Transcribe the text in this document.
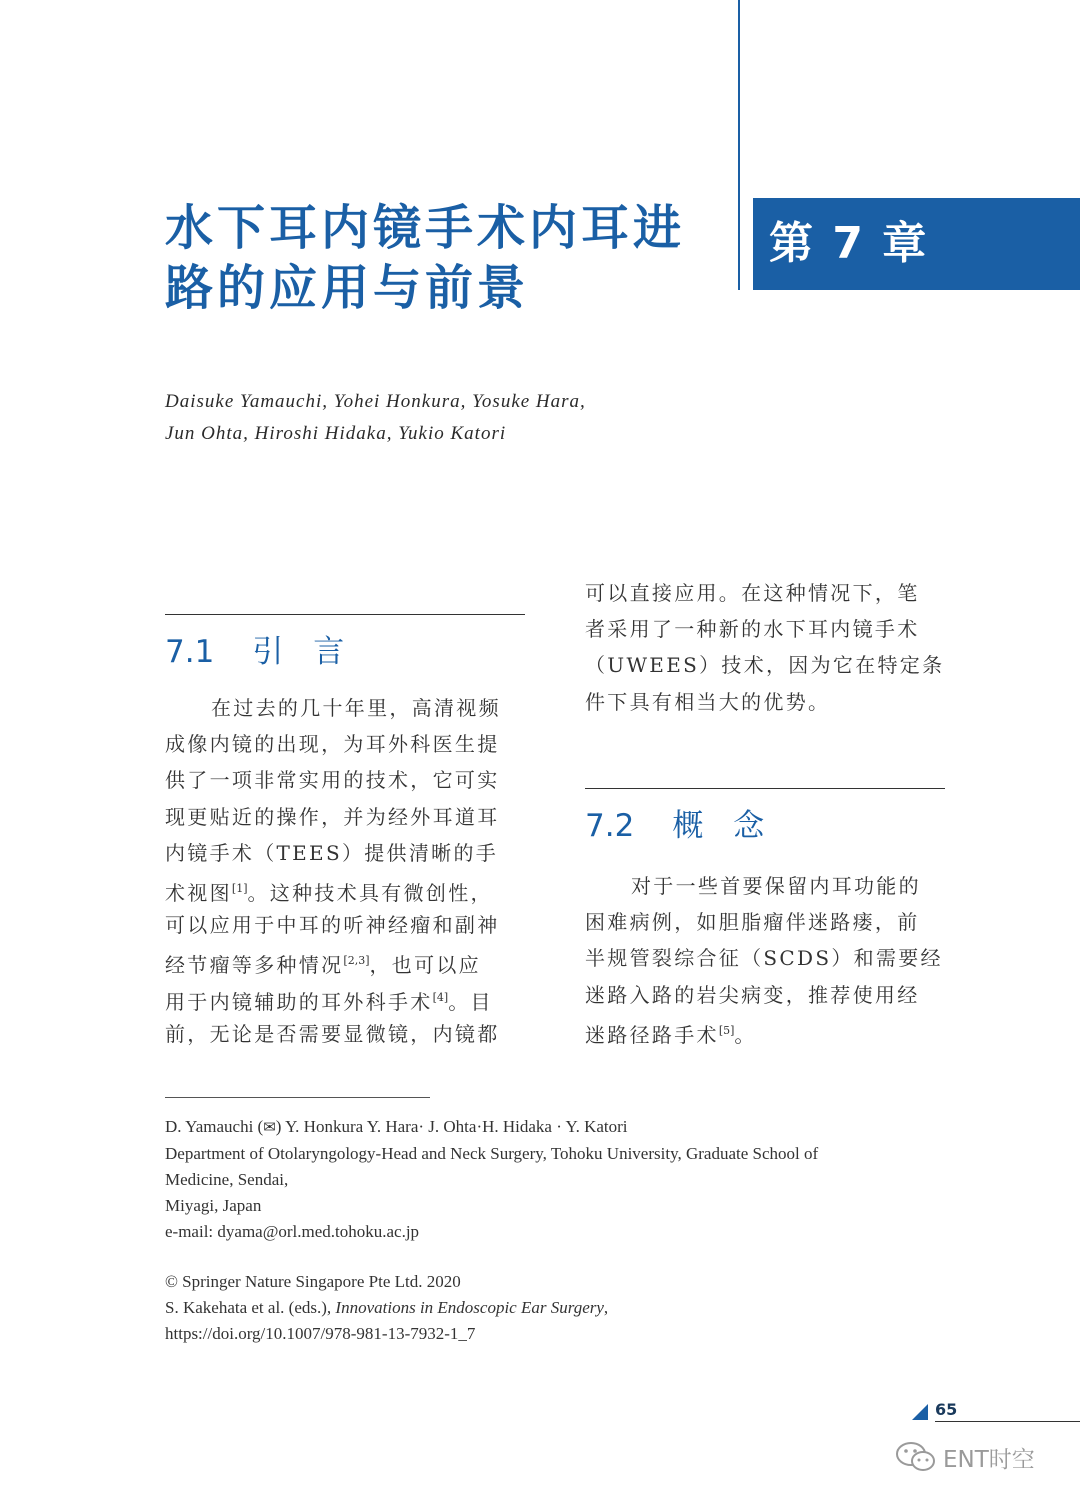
水下耳内镜手术内耳进
路的应用与前景
第 7 章
Daisuke Yamauchi, Yohei Honkura, Yosuke Hara,
Jun Ohta, Hiroshi Hidaka, Yukio Katori
7.1 引言
在过去的几十年里，高清视频
成像内镜的出现，为耳外科医生提
供了一项非常实用的技术，它可实
现更贴近的操作，并为经外耳道耳
内镜手术（TEES）提供清晰的手
术视图[1]。这种技术具有微创性，
可以应用于中耳的听神经瘤和副神
经节瘤等多种情况[2,3]，也可以应
用于内镜辅助的耳外科手术[4]。目
前，无论是否需要显微镜，内镜都
可以直接应用。在这种情况下，笔
者采用了一种新的水下耳内镜手术
（UWEES）技术，因为它在特定条
件下具有相当大的优势。
7.2 概念
对于一些首要保留内耳功能的
困难病例，如胆脂瘤伴迷路瘘，前
半规管裂综合征（SCDS）和需要经
迷路入路的岩尖病变，推荐使用经
迷路径路手术[5]。
D. Yamauchi (✉) Y. Honkura Y. Hara· J. Ohta·H. Hidaka · Y. Katori
Department of Otolaryngology-Head and Neck Surgery, Tohoku University, Graduate School of
Medicine, Sendai,
Miyagi, Japan
e-mail: dyama@orl.med.tohoku.ac.jp
© Springer Nature Singapore Pte Ltd. 2020
S. Kakehata et al. (eds.), Innovations in Endoscopic Ear Surgery,
https://doi.org/10.1007/978-981-13-7932-1_7
65
ENT时空
